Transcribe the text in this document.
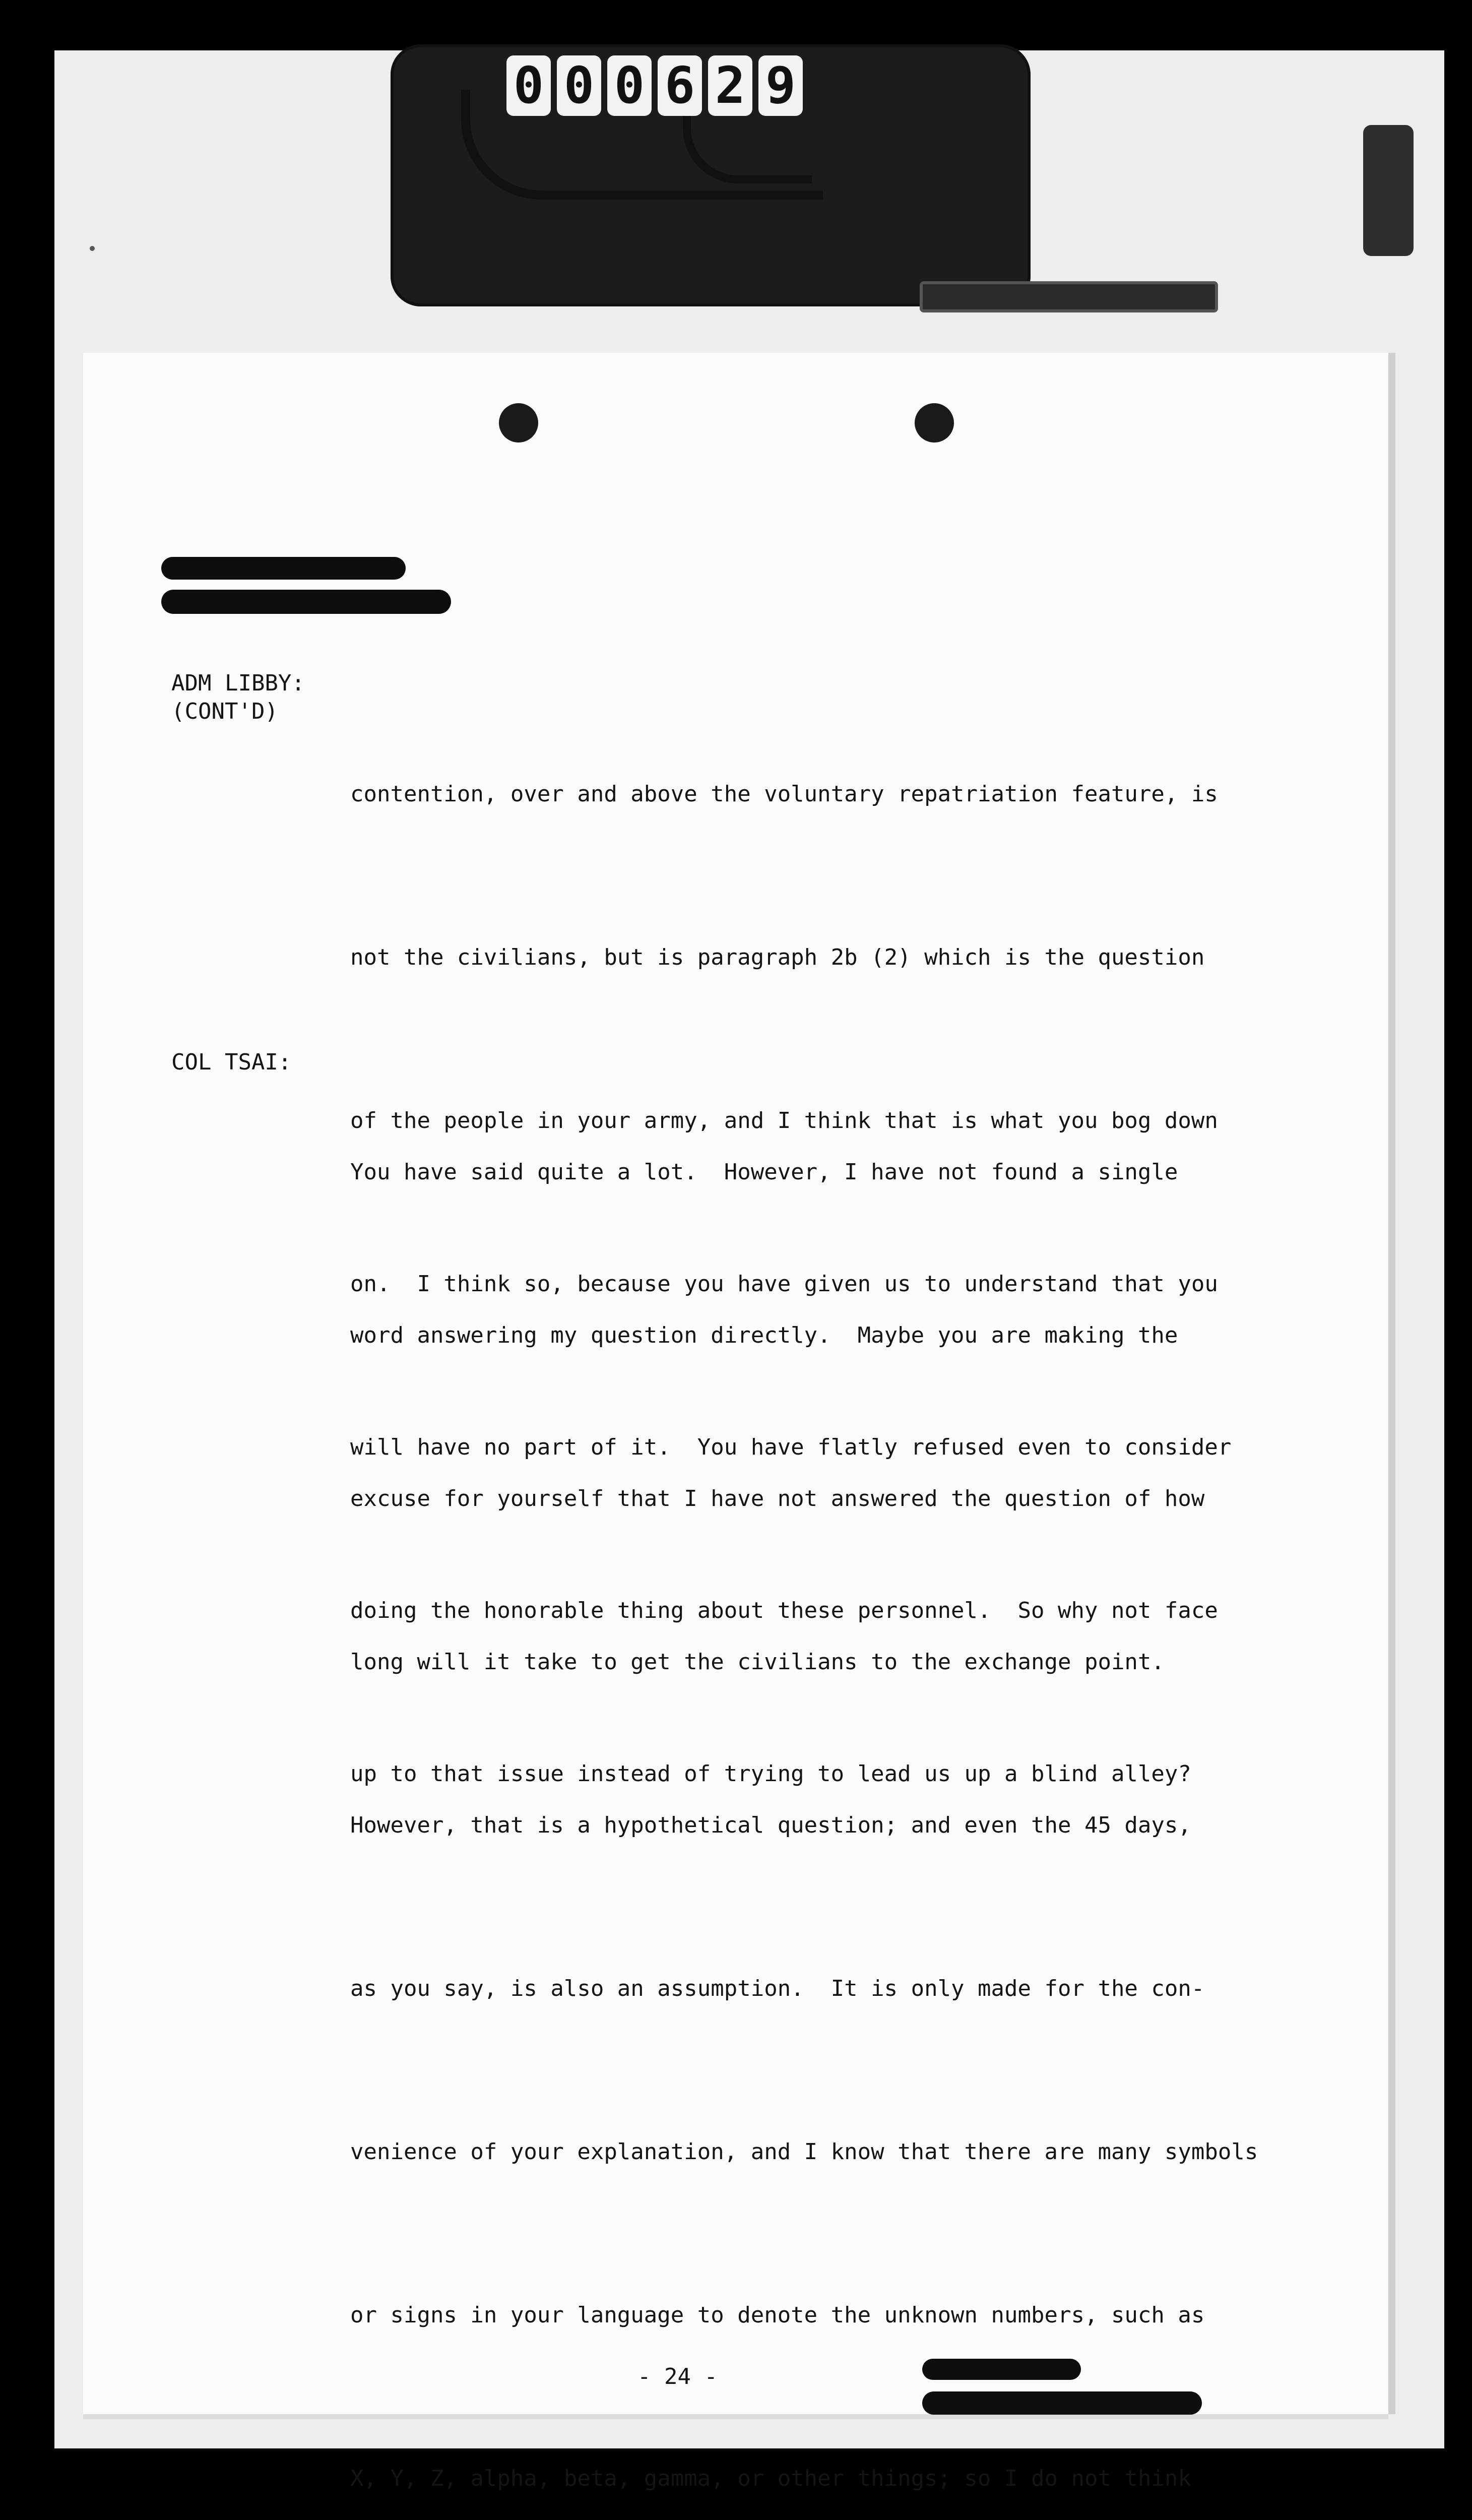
0 0 0 6 2 9
ADM LIBBY:
(CONT'D)

contention, over and above the voluntary repatriation feature, is

not the civilians, but is paragraph 2b (2) which is the question

of the people in your army, and I think that is what you bog down

on.  I think so, because you have given us to understand that you

will have no part of it.  You have flatly refused even to consider

doing the honorable thing about these personnel.  So why not face

up to that issue instead of trying to lead us up a blind alley?

COL TSAI:

You have said quite a lot.  However, I have not found a single

word answering my question directly.  Maybe you are making the

excuse for yourself that I have not answered the question of how

long will it take to get the civilians to the exchange point.

However, that is a hypothetical question; and even the 45 days,

as you say, is also an assumption.  It is only made for the con-

venience of your explanation, and I know that there are many symbols

or signs in your language to denote the unknown numbers, such as

X, Y, Z, alpha, beta, gamma, or other things; so I do not think

- 24 -
